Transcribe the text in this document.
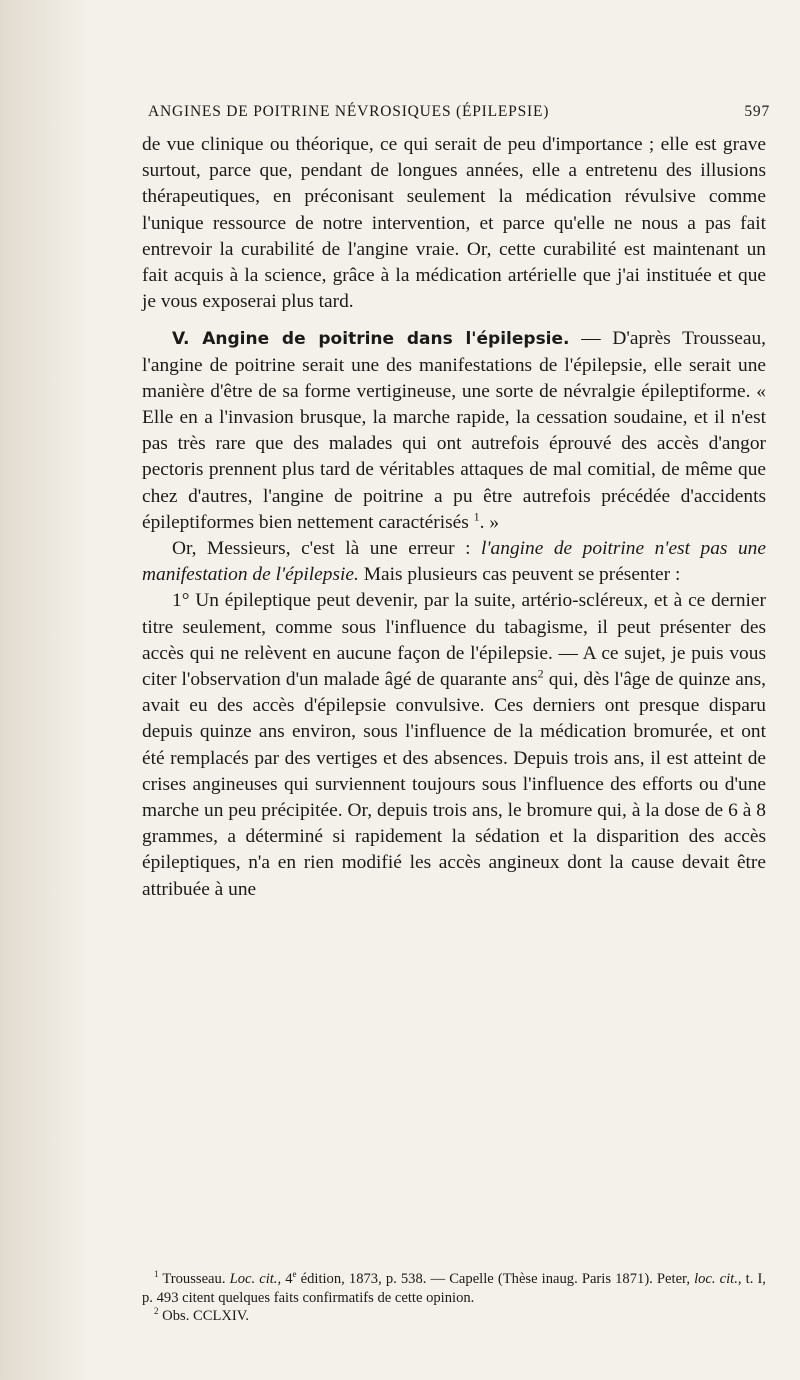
ANGINES DE POITRINE NÉVROSIQUES (ÉPILEPSIE)	597

de vue clinique ou théorique, ce qui serait de peu d'importance ; elle est grave surtout, parce que, pendant de longues années, elle a entretenu des illusions thérapeutiques, en préconisant seulement la médication révulsive comme l'unique ressource de notre intervention, et parce qu'elle ne nous a pas fait entrevoir la curabilité de l'angine vraie. Or, cette curabilité est maintenant un fait acquis à la science, grâce à la médication artérielle que j'ai instituée et que je vous exposerai plus tard.

V. Angine de poitrine dans l'épilepsie. — D'après Trousseau, l'angine de poitrine serait une des manifestations de l'épilepsie, elle serait une manière d'être de sa forme vertigineuse, une sorte de névralgie épileptiforme. « Elle en a l'invasion brusque, la marche rapide, la cessation soudaine, et il n'est pas très rare que des malades qui ont autrefois éprouvé des accès d'angor pectoris prennent plus tard de véritables attaques de mal comitial, de même que chez d'autres, l'angine de poitrine a pu être autrefois précédée d'accidents épileptiformes bien nettement caractérisés $^1$. »

Or, Messieurs, c'est là une erreur : l'angine de poitrine n'est pas une manifestation de l'épilepsie. Mais plusieurs cas peuvent se présenter :

1° Un épileptique peut devenir, par la suite, artério-scléreux, et à ce dernier titre seulement, comme sous l'influence du tabagisme, il peut présenter des accès qui ne relèvent en aucune façon de l'épilepsie. — A ce sujet, je puis vous citer l'observation d'un malade âgé de quarante ans$^2$ qui, dès l'âge de quinze ans, avait eu des accès d'épilepsie convulsive. Ces derniers ont presque disparu depuis quinze ans environ, sous l'influence de la médication bromurée, et ont été remplacés par des vertiges et des absences. Depuis trois ans, il est atteint de crises angineuses qui surviennent toujours sous l'influence des efforts ou d'une marche un peu précipitée. Or, depuis trois ans, le bromure qui, à la dose de 6 à 8 grammes, a déterminé si rapidement la sédation et la disparition des accès épileptiques, n'a en rien modifié les accès angineux dont la cause devait être attribuée à une

$^1$ Trousseau. Loc. cit., 4e édition, 1873, p. 538. — Capelle (Thèse inaug. Paris 1871). Peter, loc. cit., t. I, p. 493 citent quelques faits confirmatifs de cette opinion.

$^2$ Obs. CCLXIV.
